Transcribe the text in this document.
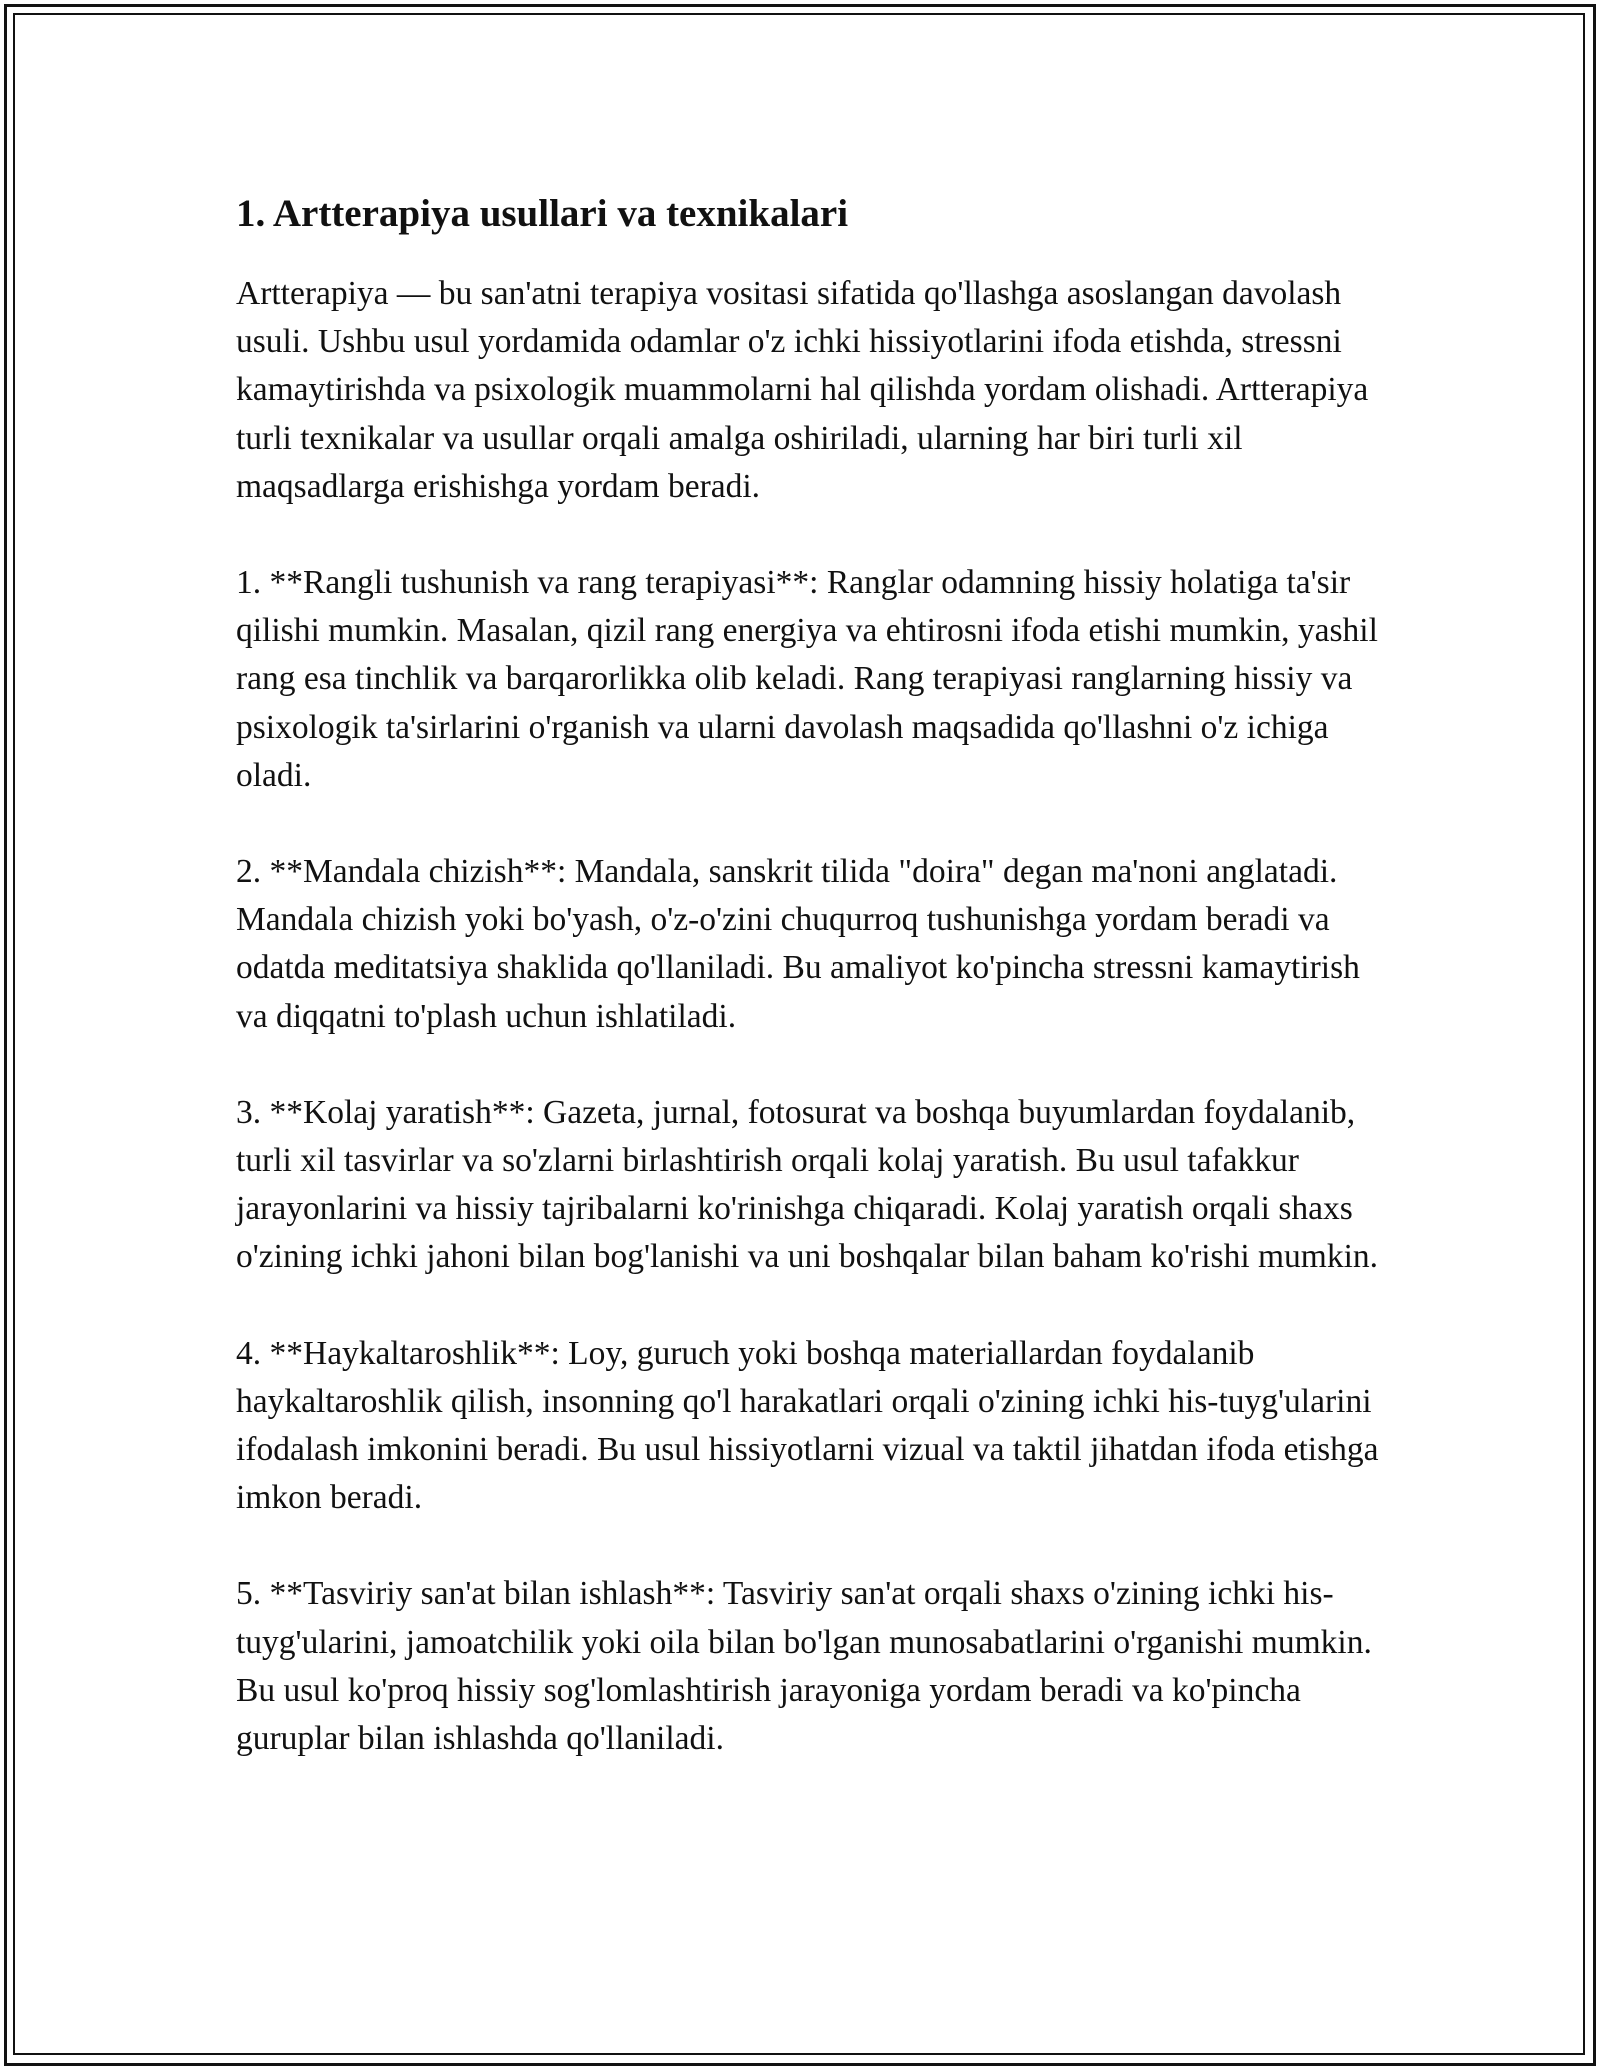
1. Artterapiya usullari va texnikalari

Artterapiya — bu san'atni terapiya vositasi sifatida qo'llashga asoslangan davolash usuli. Ushbu usul yordamida odamlar o'z ichki hissiyotlarini ifoda etishda, stressni kamaytirishda va psixologik muammolarni hal qilishda yordam olishadi. Artterapiya turli texnikalar va usullar orqali amalga oshiriladi, ularning har biri turli xil maqsadlarga erishishga yordam beradi.

1. **Rangli tushunish va rang terapiyasi**: Ranglar odamning hissiy holatiga ta'sir qilishi mumkin. Masalan, qizil rang energiya va ehtirosni ifoda etishi mumkin, yashil rang esa tinchlik va barqarorlikka olib keladi. Rang terapiyasi ranglarning hissiy va psixologik ta'sirlarini o'rganish va ularni davolash maqsadida qo'llashni o'z ichiga oladi.

2. **Mandala chizish**: Mandala, sanskrit tilida "doira" degan ma'noni anglatadi. Mandala chizish yoki bo'yash, o'z-o'zini chuqurroq tushunishga yordam beradi va odatda meditatsiya shaklida qo'llaniladi. Bu amaliyot ko'pincha stressni kamaytirish va diqqatni to'plash uchun ishlatiladi.

3. **Kolaj yaratish**: Gazeta, jurnal, fotosurat va boshqa buyumlardan foydalanib, turli xil tasvirlar va so'zlarni birlashtirish orqali kolaj yaratish. Bu usul tafakkur jarayonlarini va hissiy tajribalarni ko'rinishga chiqaradi. Kolaj yaratish orqali shaxs o'zining ichki jahoni bilan bog'lanishi va uni boshqalar bilan baham ko'rishi mumkin.

4. **Haykaltaroshlik**: Loy, guruch yoki boshqa materiallardan foydalanib haykaltaroshlik qilish, insonning qo'l harakatlari orqali o'zining ichki his-tuyg'ularini ifodalash imkonini beradi. Bu usul hissiyotlarni vizual va taktil jihatdan ifoda etishga imkon beradi.

5. **Tasviriy san'at bilan ishlash**: Tasviriy san'at orqali shaxs o'zining ichki his-tuyg'ularini, jamoatchilik yoki oila bilan bo'lgan munosabatlarini o'rganishi mumkin. Bu usul ko'proq hissiy sog'lomlashtirish jarayoniga yordam beradi va ko'pincha guruplar bilan ishlashda qo'llaniladi.
